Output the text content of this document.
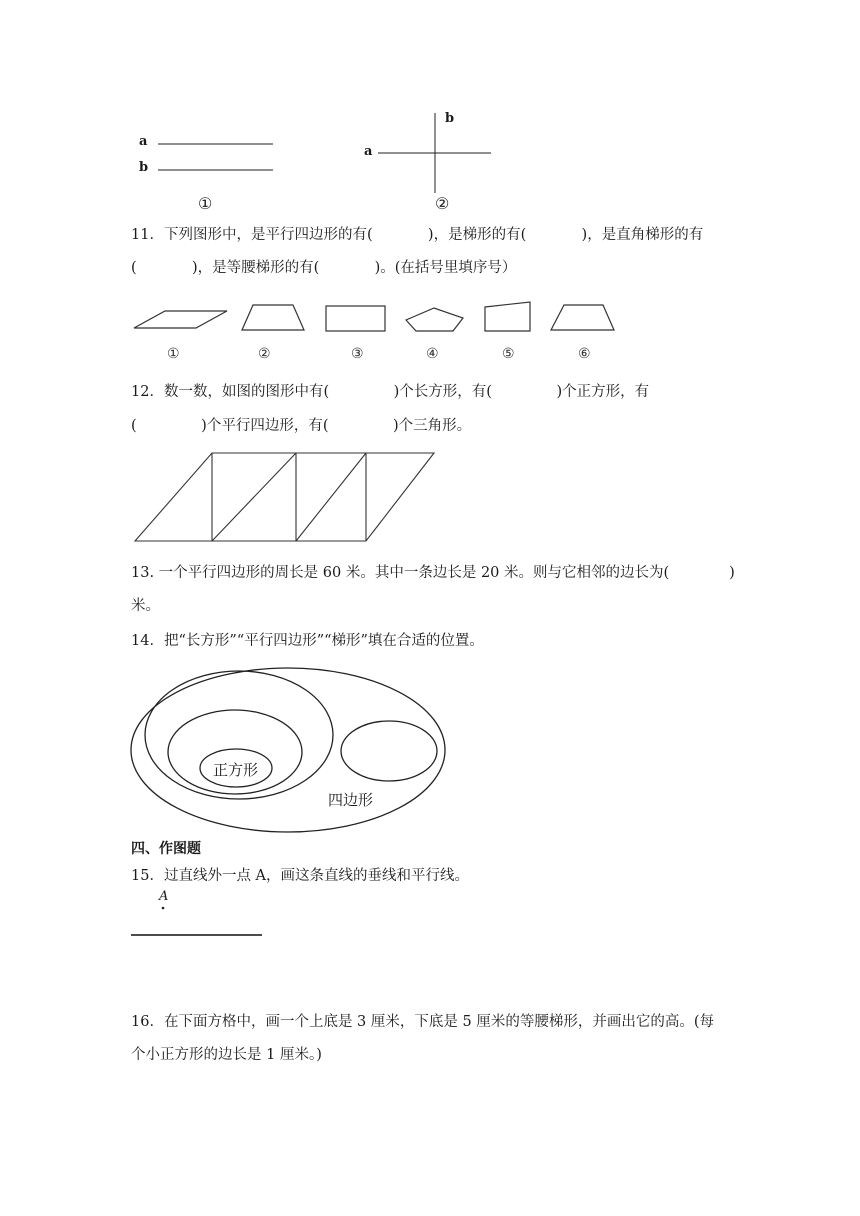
a
b
①
a
b
②
11．下列图形中，是平行四边形的有(            )，是梯形的有(            )，是直角梯形的有
(            )，是等腰梯形的有(            )。(在括号里填序号）
①	②	③	④	⑤	⑥
12．数一数，如图的图形中有(              )个长方形，有(              )个正方形，有
(              )个平行四边形，有(              )个三角形。
13. 一个平行四边形的周长是 60 米。其中一条边长是 20 米。则与它相邻的边长为(             )
米。
14．把“长方形”“平行四边形”“梯形”填在合适的位置。
正方形
四边形
四、作图题
15．过直线外一点 A，画这条直线的垂线和平行线。
A
16．在下面方格中，画一个上底是 3 厘米，下底是 5 厘米的等腰梯形，并画出它的高。(每
个小正方形的边长是 1 厘米。)
